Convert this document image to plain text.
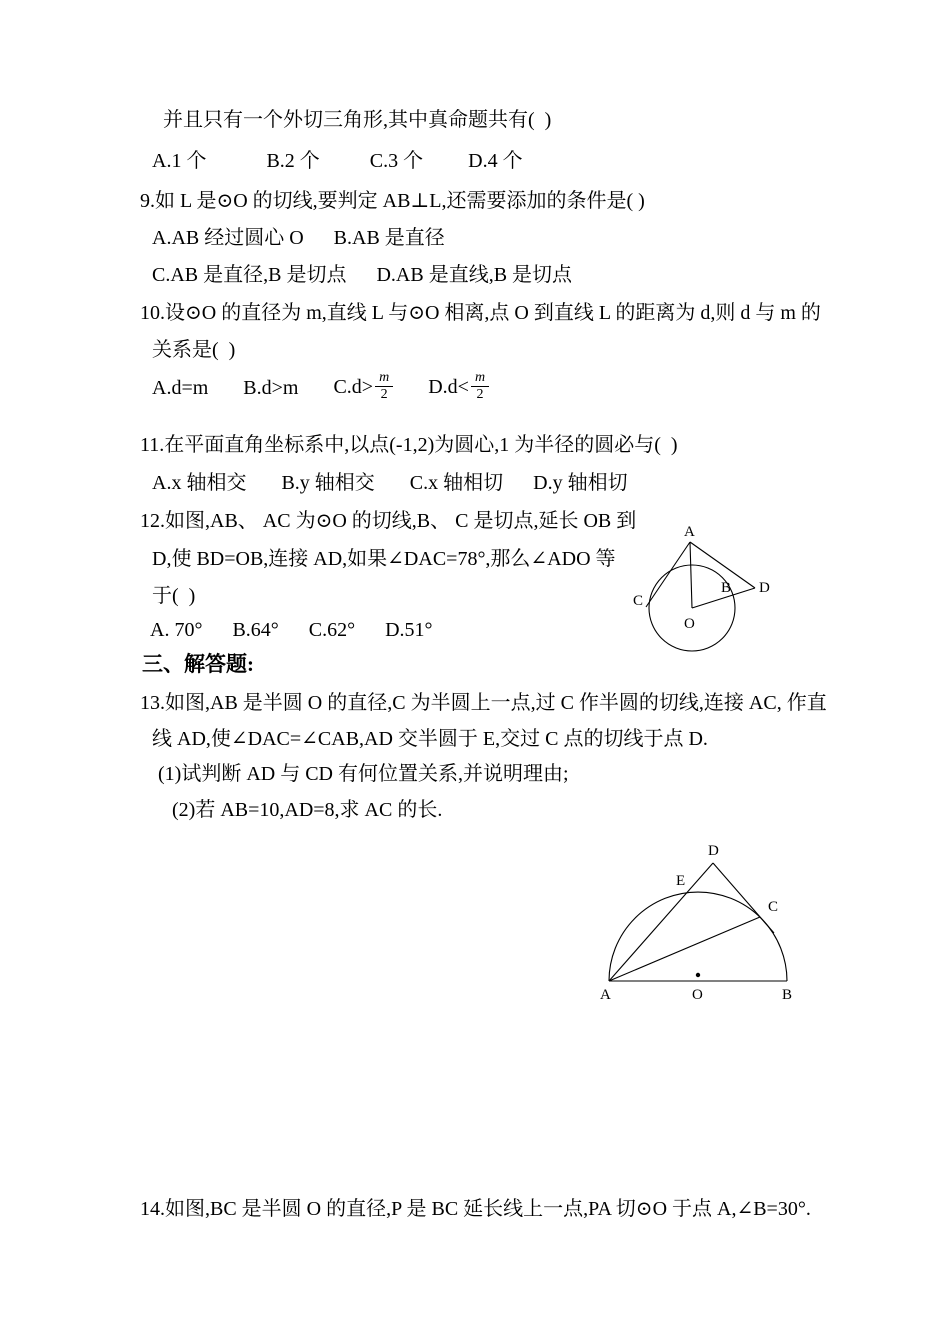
并且只有一个外切三角形,其中真命题共有(  )
A.1 个            B.2 个          C.3 个         D.4 个
9.如 L 是⊙O 的切线,要判定 AB⊥L,还需要添加的条件是( )
A.AB 经过圆心 O      B.AB 是直径
C.AB 是直径,B 是切点      D.AB 是直线,B 是切点
10.设⊙O 的直径为 m,直线 L 与⊙O 相离,点 O 到直线 L 的距离为 d,则 d 与 m 的
关系是(  )
A.d=m B.d>m $C.d> \frac{m}{2} D.d< \frac{m}{2}$
11.在平面直角坐标系中,以点(-1,2)为圆心,1 为半径的圆必与(  )
A.x 轴相交       B.y 轴相交       C.x 轴相切      D.y 轴相切
12.如图,AB、 AC 为⊙O 的切线,B、 C 是切点,延长 OB 到
D,使 BD=OB,连接 AD,如果∠DAC=78°,那么∠ADO 等
于(  )
A. 70°      B.64°      C.62°      D.51°
三、解答题:
13.如图,AB 是半圆 O 的直径,C 为半圆上一点,过 C 作半圆的切线,连接 AC, 作直
线 AD,使∠DAC=∠CAB,AD 交半圆于 E,交过 C 点的切线于点 D.
(1)试判断 AD 与 CD 有何位置关系,并说明理由;
(2)若 AB=10,AD=8,求 AC 的长.
14.如图,BC 是半圆 O 的直径,P 是 BC 延长线上一点,PA 切⊙O 于点 A,∠B=30°.
A
D
C
B
O
D
E
C
A	O	B
